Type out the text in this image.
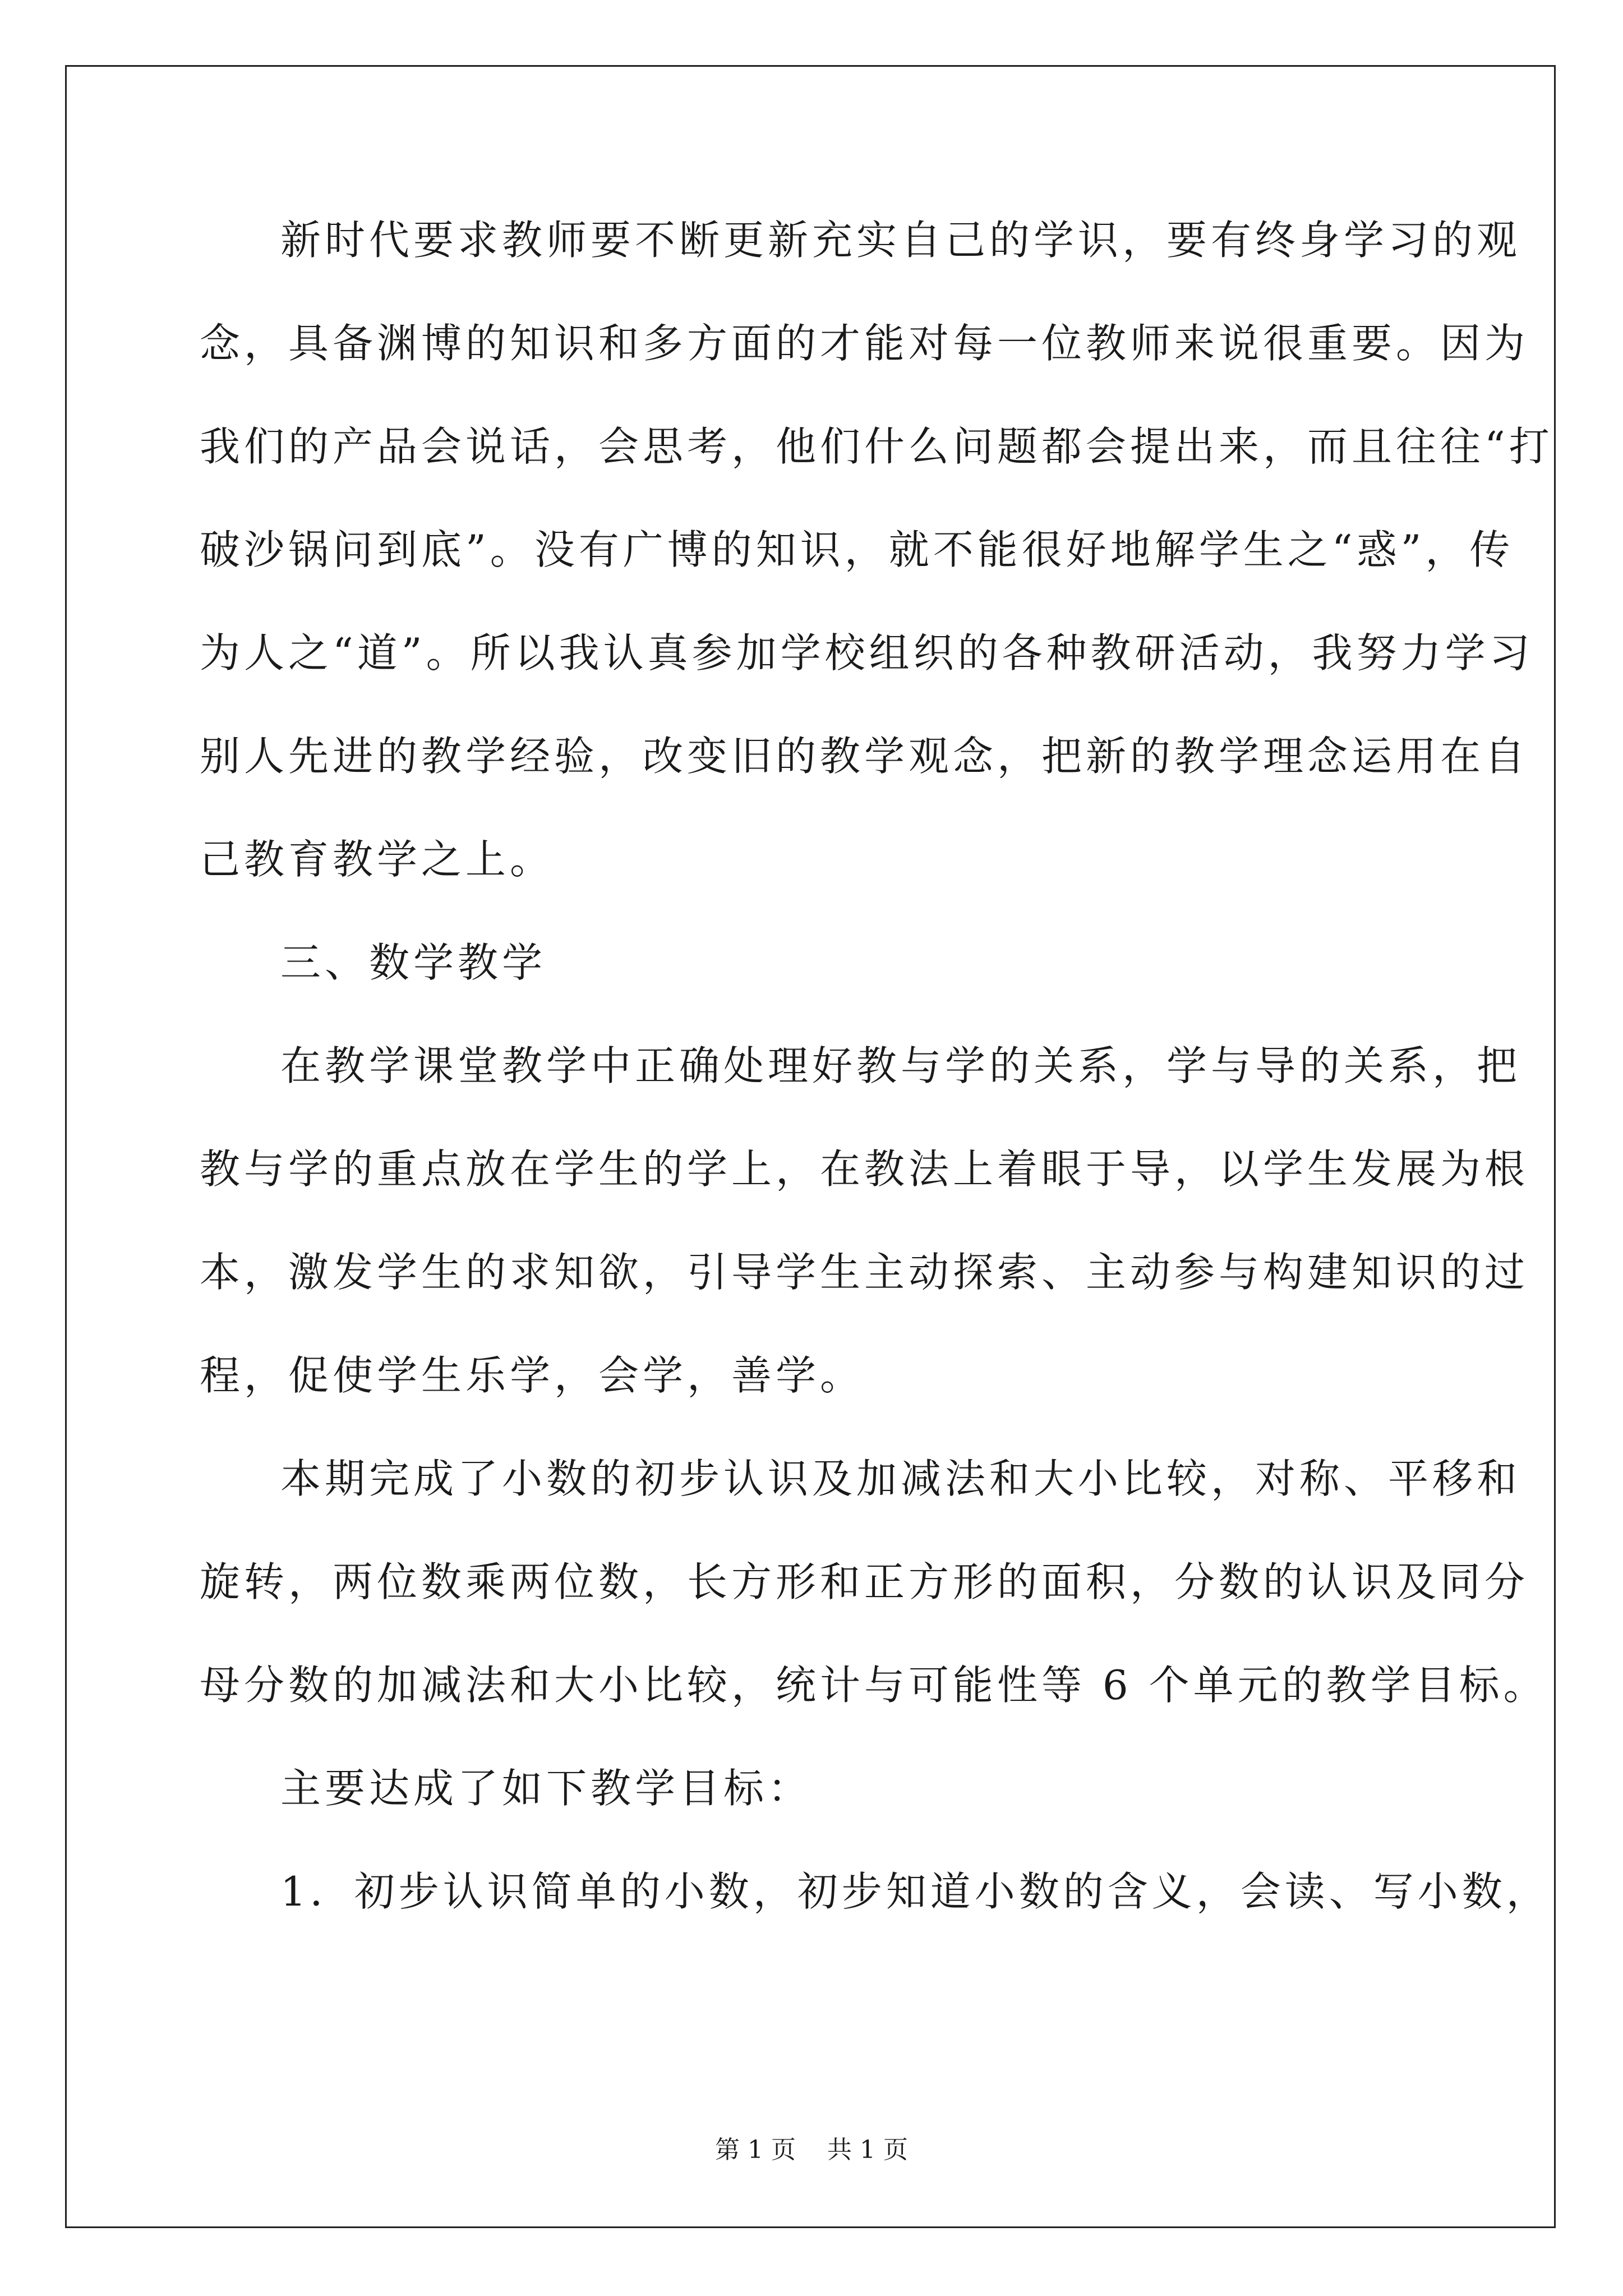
新时代要求教师要不断更新充实自己的学识，要有终身学习的观
念，具备渊博的知识和多方面的才能对每一位教师来说很重要。因为
我们的产品会说话，会思考，他们什么问题都会提出来，而且往往“打
破沙锅问到底”。没有广博的知识，就不能很好地解学生之“惑”，传
为人之“道”。所以我认真参加学校组织的各种教研活动，我努力学习
别人先进的教学经验，改变旧的教学观念，把新的教学理念运用在自
己教育教学之上。
三、数学教学
在教学课堂教学中正确处理好教与学的关系，学与导的关系，把
教与学的重点放在学生的学上，在教法上着眼于导，以学生发展为根
本，激发学生的求知欲，引导学生主动探索、主动参与构建知识的过
程，促使学生乐学，会学，善学。
本期完成了小数的初步认识及加减法和大小比较，对称、平移和
旋转，两位数乘两位数，长方形和正方形的面积，分数的认识及同分
母分数的加减法和大小比较，统计与可能性等 6 个单元的教学目标。
主要达成了如下教学目标：
1．初步认识简单的小数，初步知道小数的含义，会读、写小数，
第 1 页 共 1 页
